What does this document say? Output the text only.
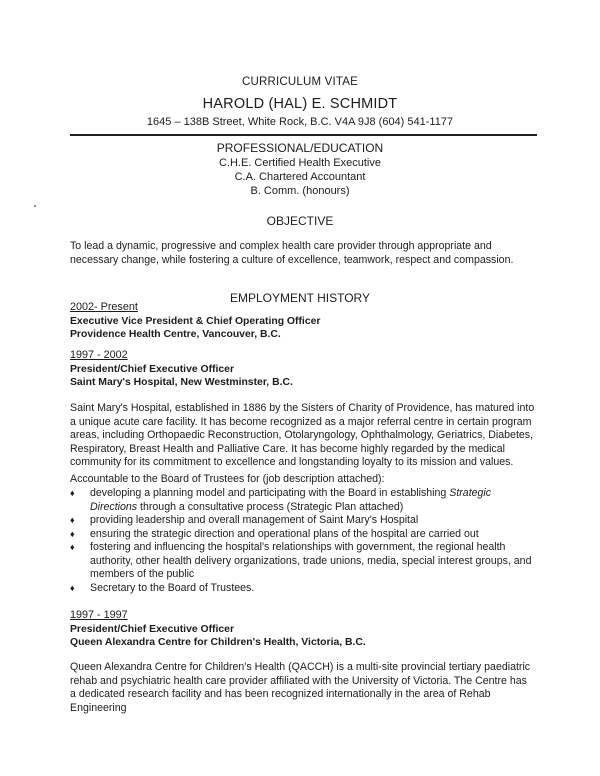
CURRICULUM VITAE
HAROLD (HAL) E. SCHMIDT
1645 – 138B Street, White Rock, B.C. V4A 9J8 (604) 541-1177
PROFESSIONAL/EDUCATION
C.H.E. Certified Health Executive
C.A. Chartered Accountant
B. Comm. (honours)
OBJECTIVE

To lead a dynamic, progressive and complex health care provider through appropriate and necessary change, while fostering a culture of excellence, teamwork, respect and compassion.

EMPLOYMENT HISTORY
2002- Present
Executive Vice President & Chief Operating Officer
Providence Health Centre, Vancouver, B.C.
1997 - 2002
President/Chief Executive Officer
Saint Mary's Hospital, New Westminster, B.C.

Saint Mary's Hospital, established in 1886 by the Sisters of Charity of Providence, has matured into a unique acute care facility. It has become recognized as a major referral centre in certain program areas, including Orthopaedic Reconstruction, Otolaryngology, Ophthalmology, Geriatrics, Diabetes, Respiratory, Breast Health and Palliative Care. It has become highly regarded by the medical community for its commitment to excellence and longstanding loyalty to its mission and values.

Accountable to the Board of Trustees for (job description attached):

♦ developing a planning model and participating with the Board in establishing Strategic Directions through a consultative process (Strategic Plan attached)
♦ providing leadership and overall management of Saint Mary's Hospital
♦ ensuring the strategic direction and operational plans of the hospital are carried out
♦ fostering and influencing the hospital's relationships with government, the regional health authority, other health delivery organizations, trade unions, media, special interest groups, and members of the public
♦ Secretary to the Board of Trustees.
1997 - 1997
President/Chief Executive Officer
Queen Alexandra Centre for Children's Health, Victoria, B.C.

Queen Alexandra Centre for Children's Health (QACCH) is a multi-site provincial tertiary paediatric rehab and psychiatric health care provider affiliated with the University of Victoria. The Centre has a dedicated research facility and has been recognized internationally in the area of Rehab Engineering
